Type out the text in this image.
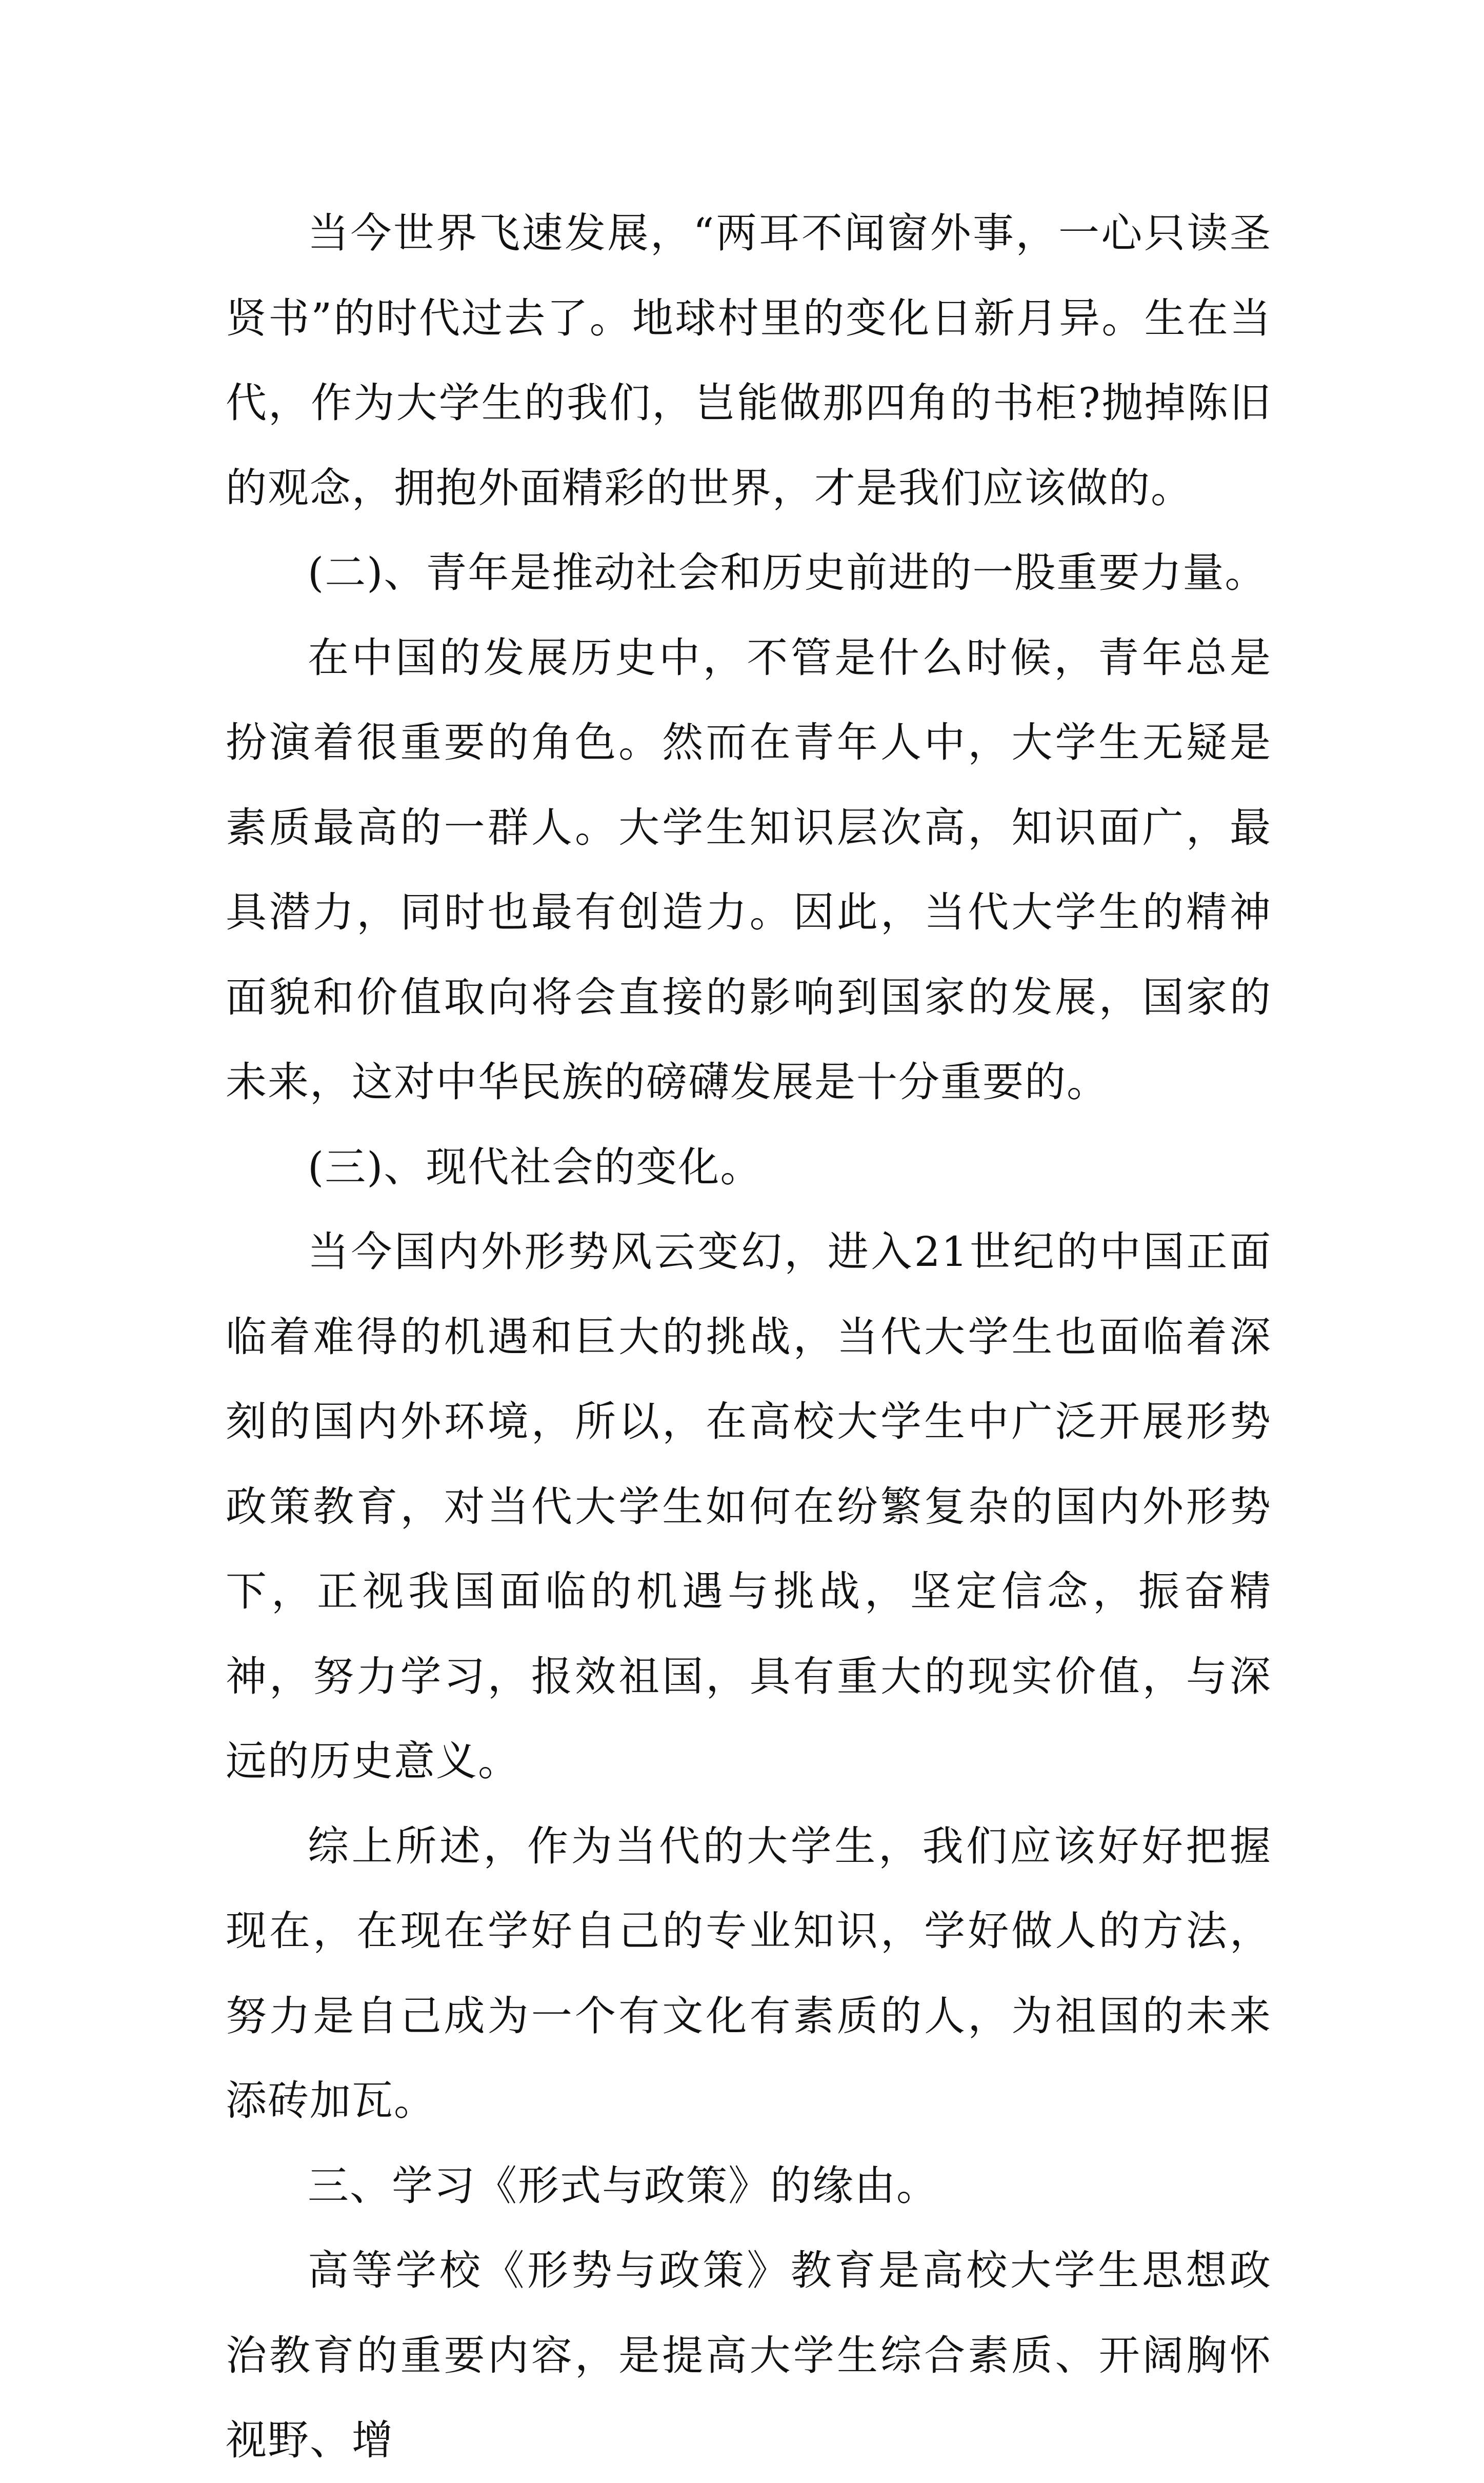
当今世界飞速发展，“两耳不闻窗外事，一心只读圣贤书”的时代过去了。地球村里的变化日新月异。生在当代，作为大学生的我们，岂能做那四角的书柜?抛掉陈旧的观念，拥抱外面精彩的世界，才是我们应该做的。

(二)、青年是推动社会和历史前进的一股重要力量。

在中国的发展历史中，不管是什么时候，青年总是扮演着很重要的角色。然而在青年人中，大学生无疑是素质最高的一群人。大学生知识层次高，知识面广，最具潜力，同时也最有创造力。因此，当代大学生的精神面貌和价值取向将会直接的影响到国家的发展，国家的未来，这对中华民族的磅礴发展是十分重要的。

(三)、现代社会的变化。

当今国内外形势风云变幻，进入21世纪的中国正面临着难得的机遇和巨大的挑战，当代大学生也面临着深刻的国内外环境，所以，在高校大学生中广泛开展形势政策教育，对当代大学生如何在纷繁复杂的国内外形势下，正视我国面临的机遇与挑战，坚定信念，振奋精神，努力学习，报效祖国，具有重大的现实价值，与深远的历史意义。

综上所述，作为当代的大学生，我们应该好好把握现在，在现在学好自己的专业知识，学好做人的方法，努力是自己成为一个有文化有素质的人，为祖国的未来添砖加瓦。

三、学习《形式与政策》的缘由。

高等学校《形势与政策》教育是高校大学生思想政治教育的重要内容，是提高大学生综合素质、开阔胸怀视野、增
